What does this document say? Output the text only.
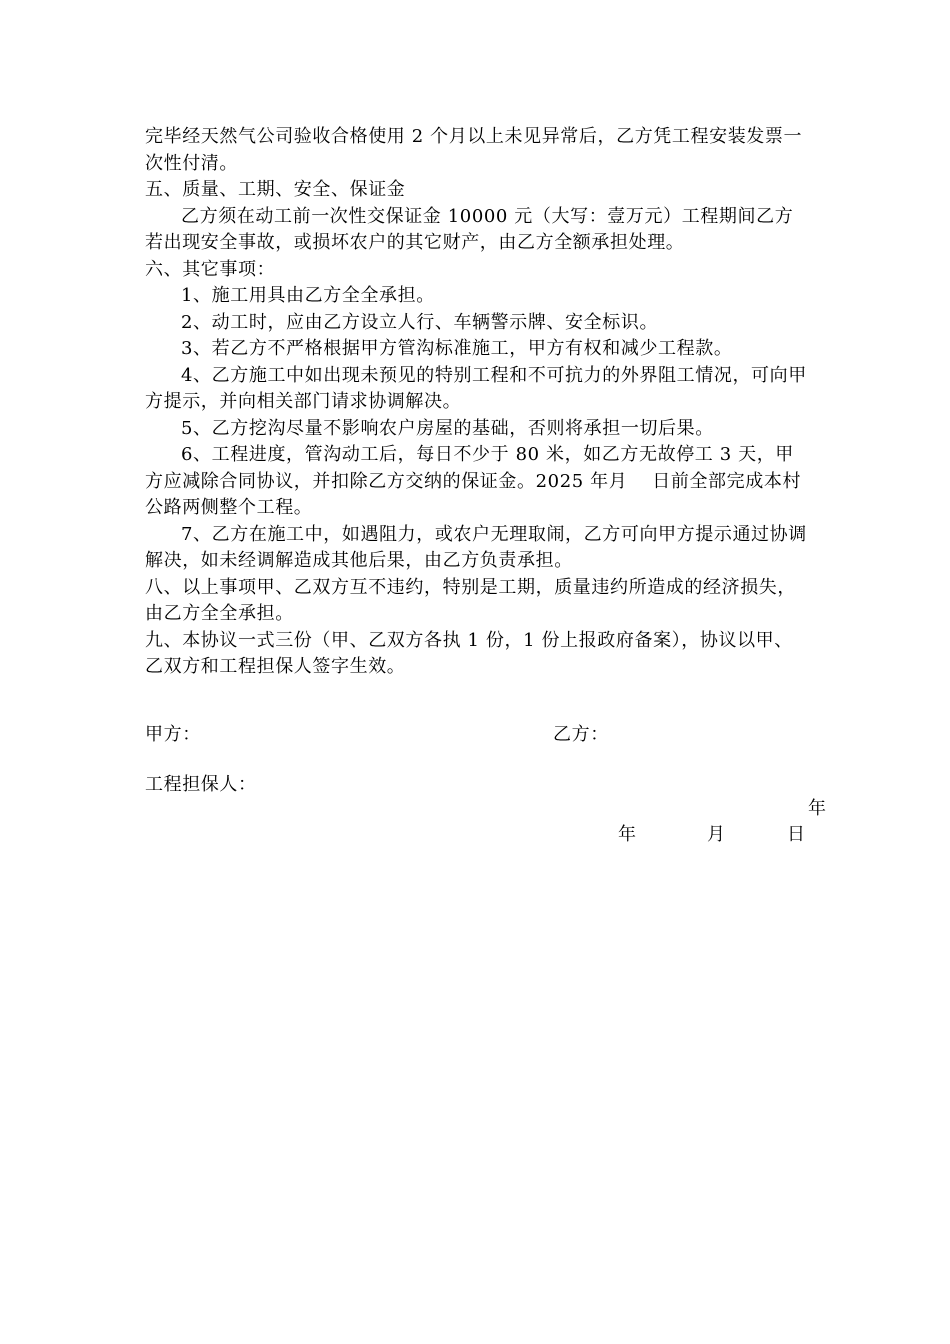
完毕经天然气公司验收合格使用 2 个月以上未见异常后，乙方凭工程安装发票一次性付清。

五、质量、工期、安全、保证金

乙方须在动工前一次性交保证金 10000 元（大写：壹万元）工程期间乙方若出现安全事故，或损坏农户的其它财产，由乙方全额承担处理。

六、其它事项：

1、施工用具由乙方全全承担。

2、动工时，应由乙方设立人行、车辆警示牌、安全标识。

3、若乙方不严格根据甲方管沟标准施工，甲方有权和减少工程款。

4、乙方施工中如出现未预见的特别工程和不可抗力的外界阻工情况，可向甲方提示，并向相关部门请求协调解决。

5、乙方挖沟尽量不影响农户房屋的基础，否则将承担一切后果。

6、工程进度，管沟动工后，每日不少于 80 米，如乙方无故停工 3 天，甲方应减除合同协议，并扣除乙方交纳的保证金。2025 年月　 日前全部完成本村公路两侧整个工程。

7、乙方在施工中，如遇阻力，或农户无理取闹，乙方可向甲方提示通过协调解决，如未经调解造成其他后果，由乙方负责承担。

八、以上事项甲、乙双方互不违约，特别是工期，质量违约所造成的经济损失，由乙方全全承担。

九、本协议一式三份（甲、乙双方各执 1 份，1 份上报政府备案），协议以甲、乙双方和工程担保人签字生效。

甲方：	乙方：
工程担保人：
年
年	月	日
